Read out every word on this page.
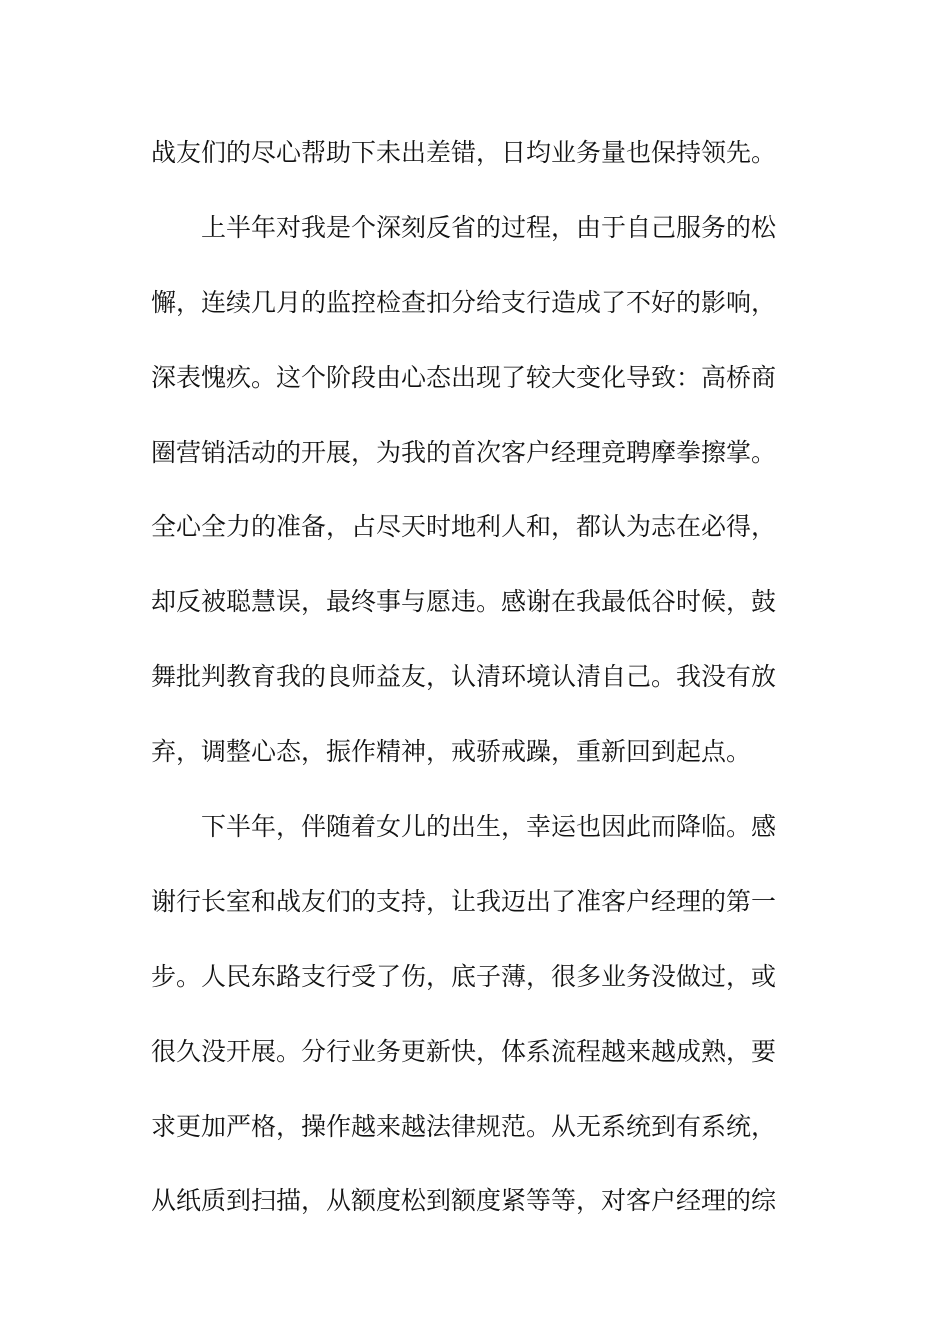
战友们的尽心帮助下未出差错，日均业务量也保持领先。
上半年对我是个深刻反省的过程，由于自己服务的松
懈，连续几月的监控检查扣分给支行造成了不好的影响，
深表愧疚。这个阶段由心态出现了较大变化导致：高桥商
圈营销活动的开展，为我的首次客户经理竞聘摩拳擦掌。
全心全力的准备，占尽天时地利人和，都认为志在必得，
却反被聪慧误，最终事与愿违。感谢在我最低谷时候，鼓
舞批判教育我的良师益友，认清环境认清自己。我没有放
弃，调整心态，振作精神，戒骄戒躁，重新回到起点。
下半年，伴随着女儿的出生，幸运也因此而降临。感
谢行长室和战友们的支持，让我迈出了准客户经理的第一
步。人民东路支行受了伤，底子薄，很多业务没做过，或
很久没开展。分行业务更新快，体系流程越来越成熟，要
求更加严格，操作越来越法律规范。从无系统到有系统，
从纸质到扫描，从额度松到额度紧等等，对客户经理的综
